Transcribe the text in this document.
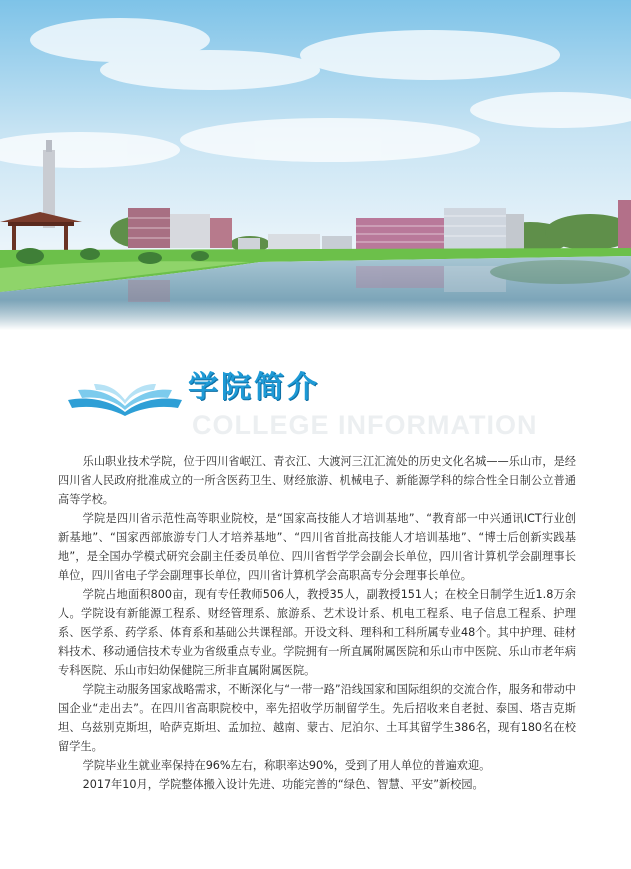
学院简介
COLLEGE INFORMATION

乐山职业技术学院，位于四川省岷江、青衣江、大渡河三江汇流处的历史文化名城——乐山市，是经四川省人民政府批准成立的一所含医药卫生、财经旅游、机械电子、新能源学科的综合性全日制公立普通高等学校。

学院是四川省示范性高等职业院校，是“国家高技能人才培训基地”、“教育部一中兴通讯ICT行业创新基地”、“国家西部旅游专门人才培养基地”、“四川省首批高技能人才培训基地”、“博士后创新实践基地”，是全国办学模式研究会副主任委员单位、四川省哲学学会副会长单位，四川省计算机学会副理事长单位，四川省电子学会副理事长单位，四川省计算机学会高职高专分会理事长单位。

学院占地面积800亩，现有专任教师506人，教授35人，副教授151人；在校全日制学生近1.8万余人。学院设有新能源工程系、财经管理系、旅游系、艺术设计系、机电工程系、电子信息工程系、护理系、医学系、药学系、体育系和基础公共课程部。开设文科、理科和工科所属专业48个。其中护理、硅材料技术、移动通信技术专业为省级重点专业。学院拥有一所直属附属医院和乐山市中医院、乐山市老年病专科医院、乐山市妇幼保健院三所非直属附属医院。

学院主动服务国家战略需求，不断深化与“一带一路”沿线国家和国际组织的交流合作，服务和带动中国企业“走出去”。在四川省高职院校中，率先招收学历制留学生。先后招收来自老挝、泰国、塔吉克斯坦、乌兹别克斯坦，哈萨克斯坦、孟加拉、越南、蒙古、尼泊尔、土耳其留学生386名，现有180名在校留学生。

学院毕业生就业率保持在96%左右，称职率达90%，受到了用人单位的普遍欢迎。

2017年10月，学院整体搬入设计先进、功能完善的“绿色、智慧、平安”新校园。
